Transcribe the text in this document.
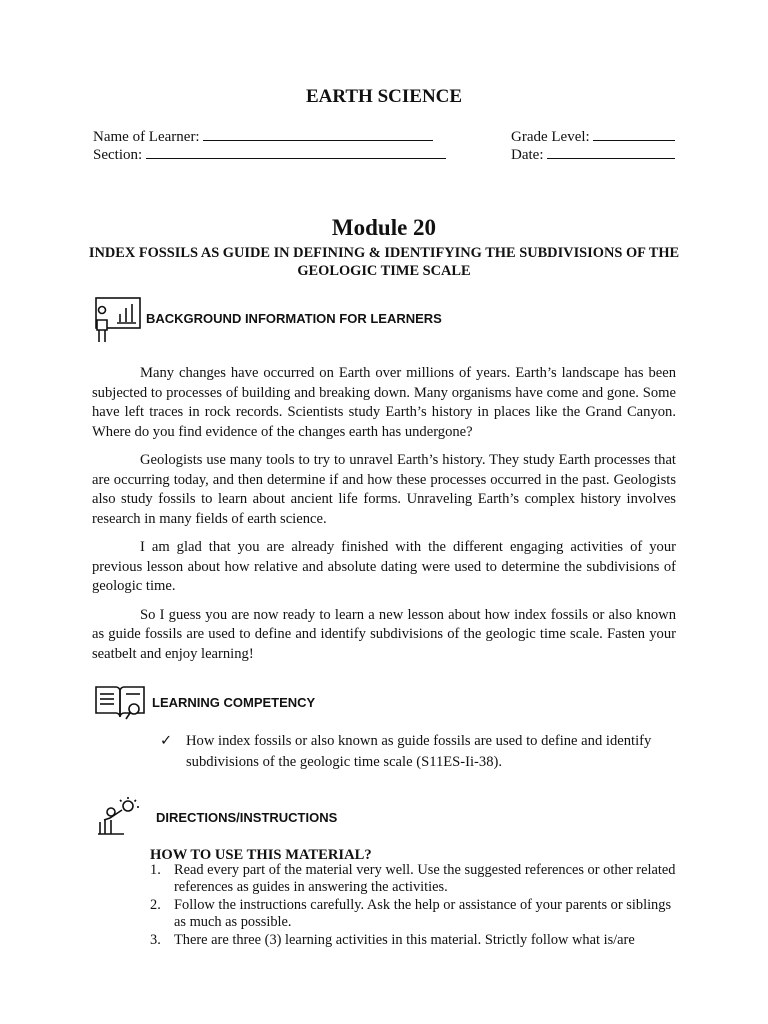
EARTH SCIENCE
Name of Learner:
Section:
Grade Level:
Date:
Module 20
INDEX FOSSILS AS GUIDE IN DEFINING & IDENTIFYING THE SUBDIVISIONS OF THE GEOLOGIC TIME SCALE
BACKGROUND INFORMATION FOR LEARNERS

Many changes have occurred on Earth over millions of years. Earth’s landscape has been subjected to processes of building and breaking down. Many organisms have come and gone. Some have left traces in rock records. Scientists study Earth’s history in places like the Grand Canyon. Where do you find evidence of the changes earth has undergone?

Geologists use many tools to try to unravel Earth’s history. They study Earth processes that are occurring today, and then determine if and how these processes occurred in the past. Geologists also study fossils to learn about ancient life forms. Unraveling Earth’s complex history involves research in many fields of earth science.

I am glad that you are already finished with the different engaging activities of your previous lesson about how relative and absolute dating were used to determine the subdivisions of geologic time.

So I guess you are now ready to learn a new lesson about how index fossils or also known as guide fossils are used to define and identify subdivisions of the geologic time scale. Fasten your seatbelt and enjoy learning!

LEARNING COMPETENCY
✓ How index fossils or also known as guide fossils are used to define and identify subdivisions of the geologic time scale (S11ES-Ii-38).
DIRECTIONS/INSTRUCTIONS
HOW TO USE THIS MATERIAL?
1. Read every part of the material very well. Use the suggested references or other related references as guides in answering the activities.
2. Follow the instructions carefully. Ask the help or assistance of your parents or siblings as much as possible.
3. There are three (3) learning activities in this material. Strictly follow what is/are
